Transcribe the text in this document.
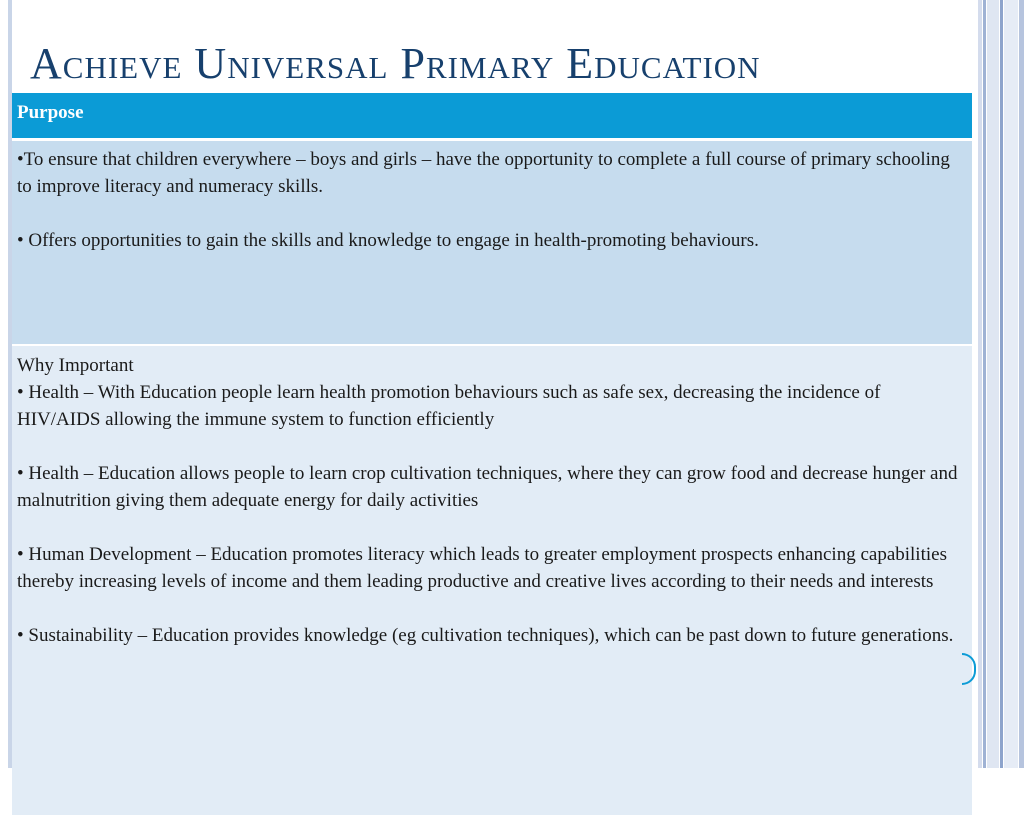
Achieve Universal Primary Education
Purpose

•To ensure that children everywhere – boys and girls – have the opportunity to complete a full course of primary schooling to improve literacy and numeracy skills.

• Offers opportunities to gain the skills and knowledge to engage in health-promoting behaviours.

Why Important

• Health – With Education people learn health promotion behaviours such as safe sex, decreasing the incidence of HIV/AIDS allowing the immune system to function efficiently

• Health – Education allows people to learn crop cultivation techniques, where they can grow food and decrease hunger and malnutrition giving them adequate energy for daily activities

• Human Development – Education promotes literacy which leads to greater employment prospects enhancing capabilities thereby increasing levels of income and them leading productive and creative lives according to their needs and interests

• Sustainability – Education provides knowledge (eg cultivation techniques), which can be past down to future generations.
